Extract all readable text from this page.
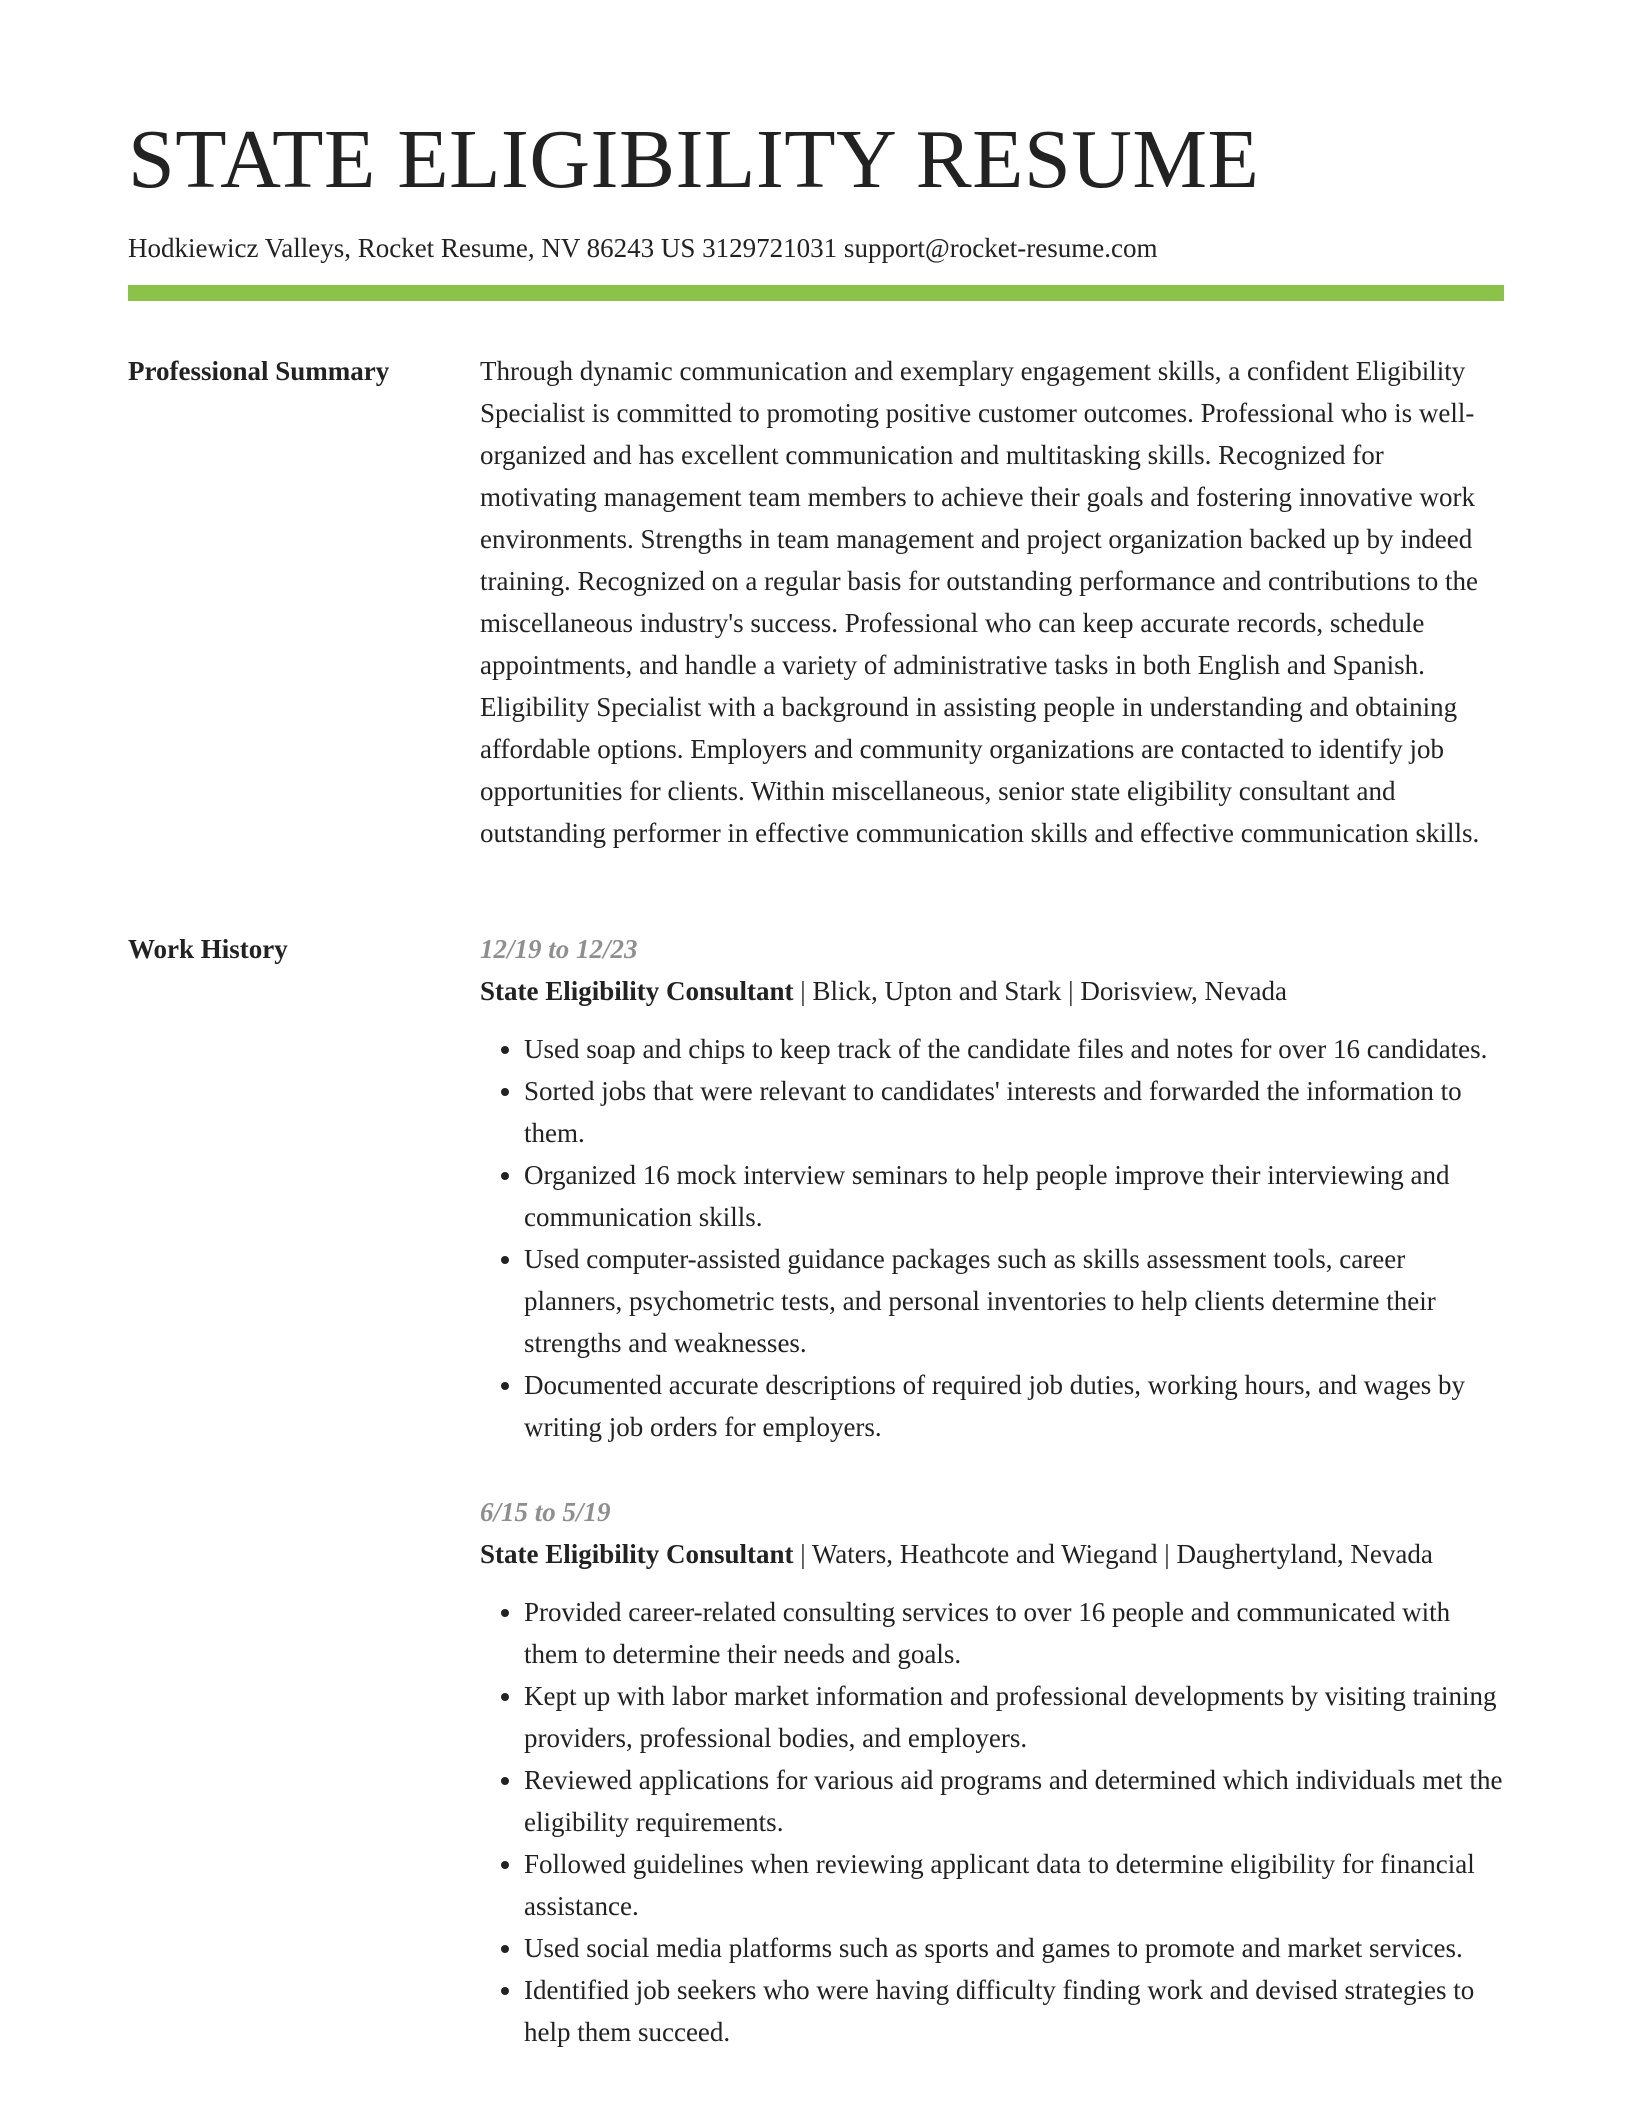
STATE ELIGIBILITY RESUME
Hodkiewicz Valleys, Rocket Resume, NV 86243 US 3129721031 support@rocket-resume.com
Professional Summary	Through dynamic communication and exemplary engagement skills, a confident Eligibility Specialist is committed to promoting positive customer outcomes. Professional who is well-organized and has excellent communication and multitasking skills. Recognized for motivating management team members to achieve their goals and fostering innovative work environments. Strengths in team management and project organization backed up by indeed training. Recognized on a regular basis for outstanding performance and contributions to the miscellaneous industry's success. Professional who can keep accurate records, schedule appointments, and handle a variety of administrative tasks in both English and Spanish. Eligibility Specialist with a background in assisting people in understanding and obtaining affordable options. Employers and community organizations are contacted to identify job opportunities for clients. Within miscellaneous, senior state eligibility consultant and outstanding performer in effective communication skills and effective communication skills.

Work History	12/19 to 12/23
State Eligibility Consultant | Blick, Upton and Stark | Dorisview, Nevada
• Used soap and chips to keep track of the candidate files and notes for over 16 candidates.
• Sorted jobs that were relevant to candidates' interests and forwarded the information to them.
• Organized 16 mock interview seminars to help people improve their interviewing and communication skills.
• Used computer-assisted guidance packages such as skills assessment tools, career planners, psychometric tests, and personal inventories to help clients determine their strengths and weaknesses.
• Documented accurate descriptions of required job duties, working hours, and wages by writing job orders for employers.
6/15 to 5/19
State Eligibility Consultant | Waters, Heathcote and Wiegand | Daughertyland, Nevada
• Provided career-related consulting services to over 16 people and communicated with them to determine their needs and goals.
• Kept up with labor market information and professional developments by visiting training providers, professional bodies, and employers.
• Reviewed applications for various aid programs and determined which individuals met the eligibility requirements.
• Followed guidelines when reviewing applicant data to determine eligibility for financial assistance.
• Used social media platforms such as sports and games to promote and market services.
• Identified job seekers who were having difficulty finding work and devised strategies to help them succeed.
